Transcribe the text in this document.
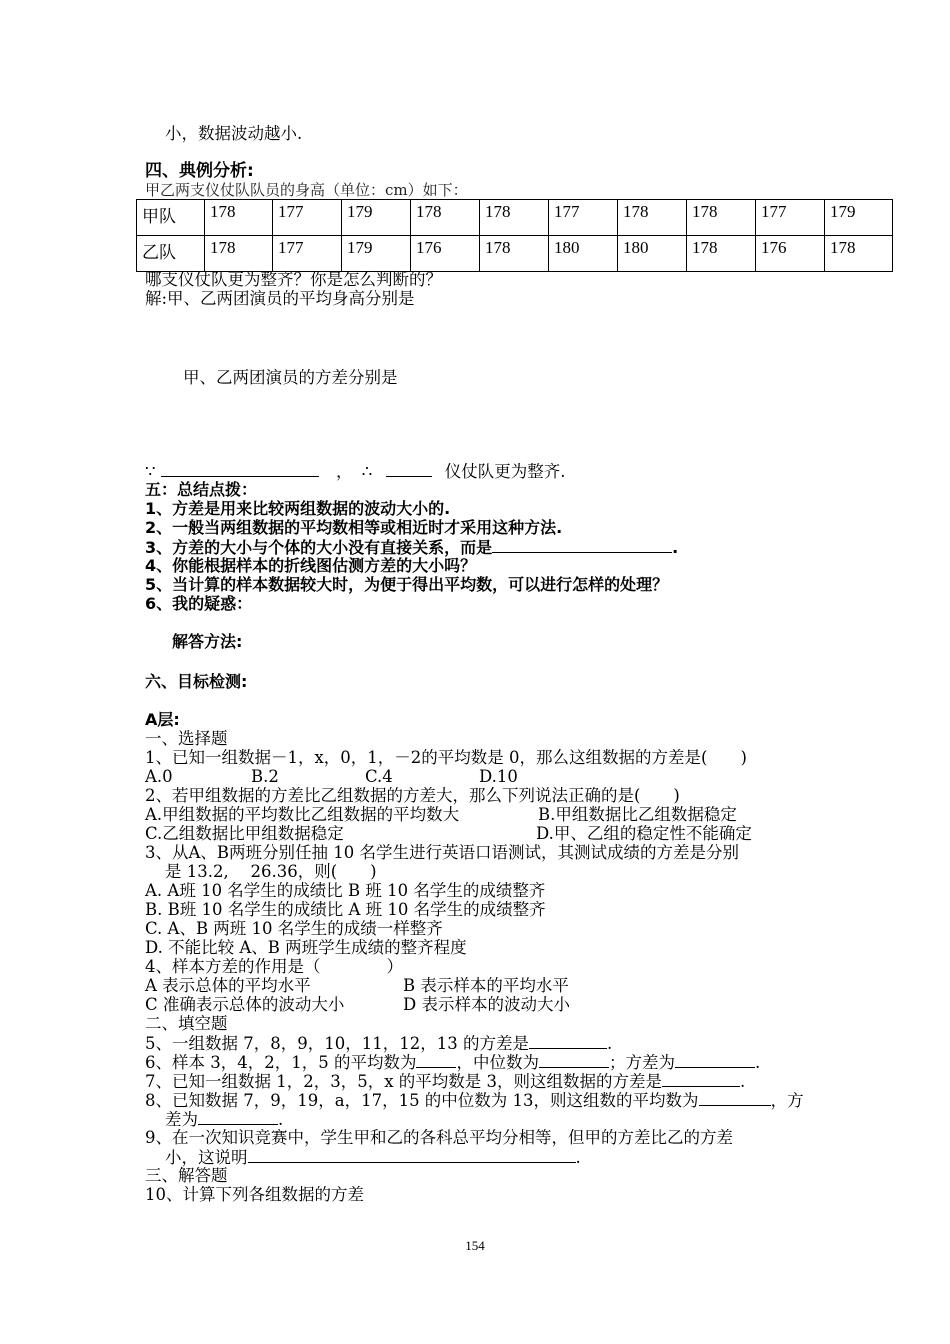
小，数据波动越小.
四、典例分析:
甲乙两支仪仗队队员的身高（单位：cm）如下：
甲队	178	177	179	178	178	177	178	178	177	179
乙队	178	177	179	176	178	180	180	178	176	178
哪支仪仗队更为整齐？你是怎么判断的？
解:甲、乙两团演员的平均身高分别是
甲、乙两团演员的方差分别是
∵	， ∴	仪仗队更为整齐.
五：总结点拨：
1、方差是用来比较两组数据的波动大小的.
2、一般当两组数据的平均数相等或相近时才采用这种方法.
3、方差的大小与个体的大小没有直接关系，而是	.
4、你能根据样本的折线图估测方差的大小吗？
5、当计算的样本数据较大时，为便于得出平均数，可以进行怎样的处理？
6、我的疑惑：
解答方法:
六、目标检测:
A层:
一、选择题
1、已知一组数据－1，x，0，1，－2的平均数是 0，那么这组数据的方差是(　　)
A.0	B.2	C.4	D.10
2、若甲组数据的方差比乙组数据的方差大，那么下列说法正确的是(　　)
A.甲组数据的平均数比乙组数据的平均数大	B.甲组数据比乙组数据稳定
C.乙组数据比甲组数据稳定	D.甲、乙组的稳定性不能确定
3、从A、B两班分别任抽 10 名学生进行英语口语测试，其测试成绩的方差是分别
是 13.2,　 26.36，则(　　)
A. A班 10 名学生的成绩比 B 班 10 名学生的成绩整齐
B. B班 10 名学生的成绩比 A 班 10 名学生的成绩整齐
C. A、B 两班 10 名学生的成绩一样整齐
D. 不能比较 A、B 两班学生成绩的整齐程度
4、样本方差的作用是（　　　　）
A 表示总体的平均水平	B 表示样本的平均水平
C 准确表示总体的波动大小	D 表示样本的波动大小
二、填空题
5、一组数据 7，8，9，10，11，12，13 的方差是	.
6、样本 3，4，2，1，5 的平均数为 ，中位数为	；方差为	.
7、已知一组数据 1，2，3，5，x 的平均数是 3，则这组数据的方差是	.
8、已知数据 7，9，19，a，17，15 的中位数为 13，则这组数的平均数为	，方
差为	.
9、在一次知识竞赛中，学生甲和乙的各科总平均分相等，但甲的方差比乙的方差
小，这说明	.
三、解答题
10、计算下列各组数据的方差
154
